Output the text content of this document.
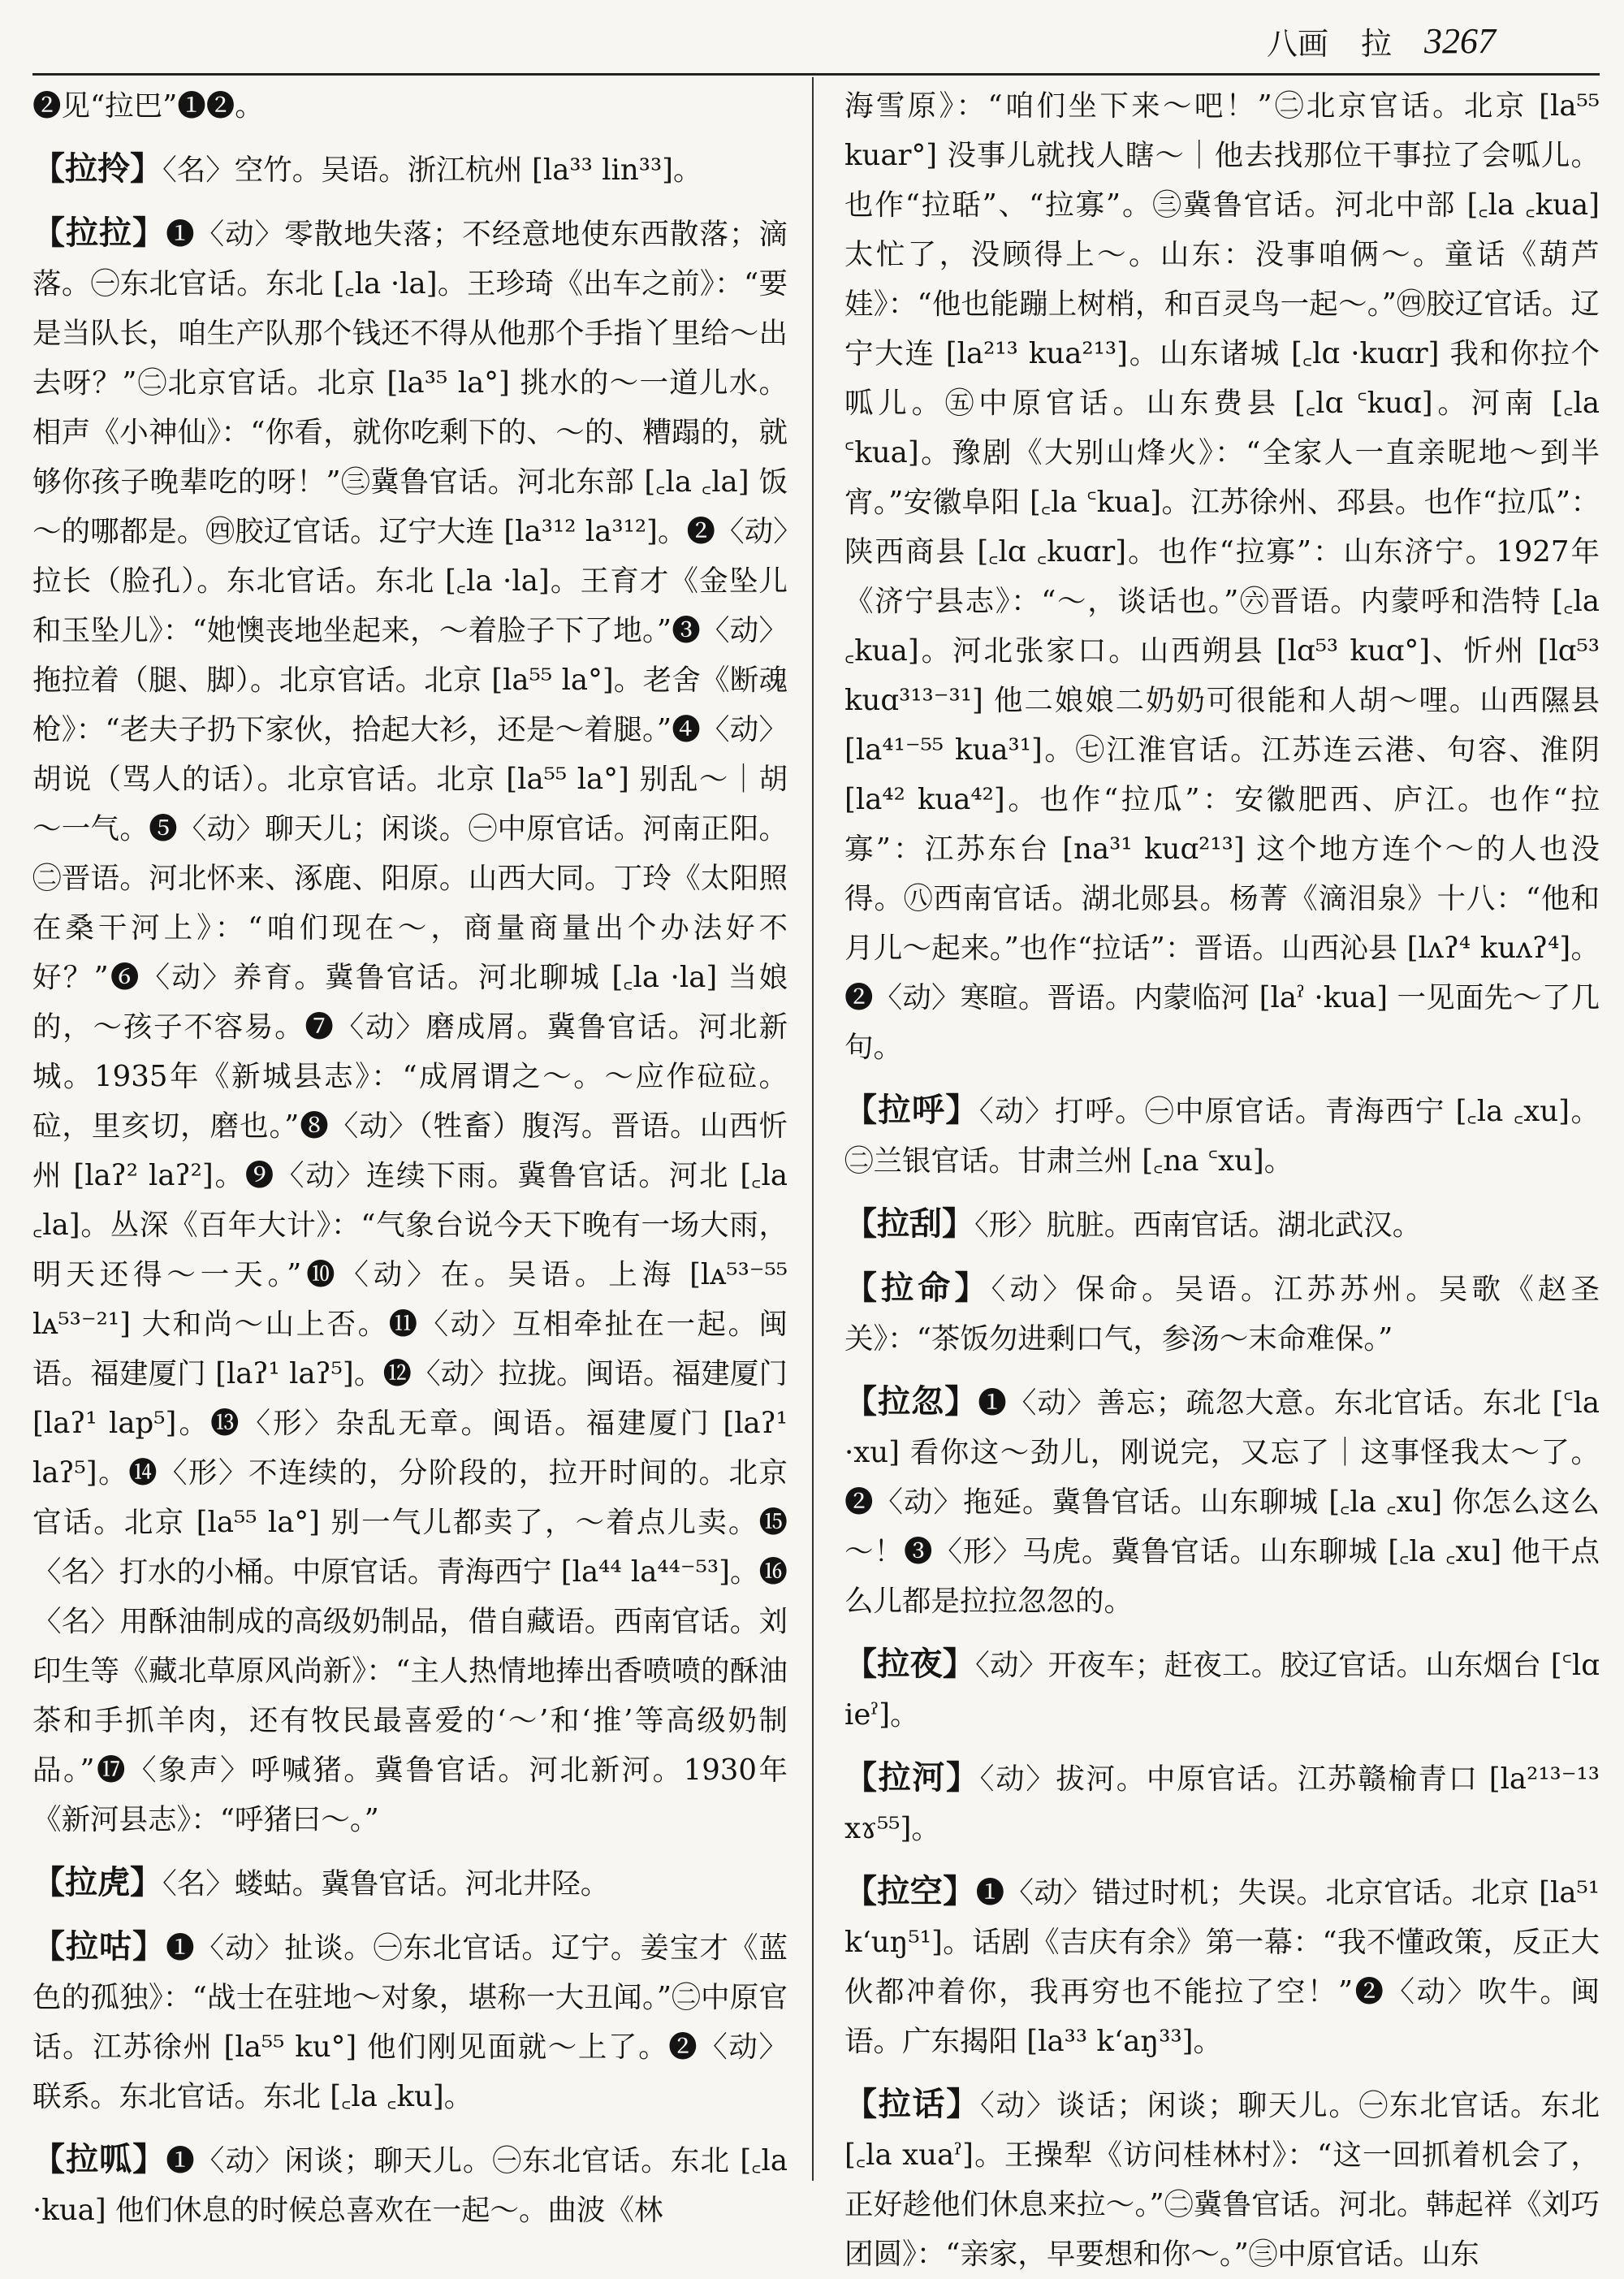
八画 拉 3267

❷见“拉巴”❶❷。

【拉拎】〈名〉空竹。吴语。浙江杭州 [la³³ lin³³]。

【拉拉】❶〈动〉零散地失落；不经意地使东西散落；滴落。㊀东北官话。东北 [꜀la ·la]。王珍琦《出车之前》：“要是当队长，咱生产队那个钱还不得从他那个手指丫里给～出去呀？”㊁北京官话。北京 [la³⁵ la°] 挑水的～一道儿水。相声《小神仙》：“你看，就你吃剩下的、～的、糟蹋的，就够你孩子晚辈吃的呀！”㊂冀鲁官话。河北东部 [꜀la ꜀la] 饭～的哪都是。㊃胶辽官话。辽宁大连 [la³¹² la³¹²]。❷〈动〉拉长（脸孔）。东北官话。东北 [꜀la ·la]。王育才《金坠儿和玉坠儿》：“她懊丧地坐起来，～着脸子下了地。”❸〈动〉拖拉着（腿、脚）。北京官话。北京 [la⁵⁵ la°]。老舍《断魂枪》：“老夫子扔下家伙，拾起大衫，还是～着腿。”❹〈动〉胡说（骂人的话）。北京官话。北京 [la⁵⁵ la°] 别乱～｜胡～一气。❺〈动〉聊天儿；闲谈。㊀中原官话。河南正阳。㊁晋语。河北怀来、涿鹿、阳原。山西大同。丁玲《太阳照在桑干河上》：“咱们现在～，商量商量出个办法好不好？”❻〈动〉养育。冀鲁官话。河北聊城 [꜀la ·la] 当娘的，～孩子不容易。❼〈动〉磨成屑。冀鲁官话。河北新城。1935年《新城县志》：“成屑谓之～。～应作砬砬。砬，里亥切，磨也。”❽〈动〉（牲畜）腹泻。晋语。山西忻州 [laʔ² laʔ²]。❾〈动〉连续下雨。冀鲁官话。河北 [꜀la ꜀la]。丛深《百年大计》：“气象台说今天下晚有一场大雨，明天还得～一天。”❿〈动〉在。吴语。上海 [lᴀ⁵³⁻⁵⁵ lᴀ⁵³⁻²¹] 大和尚～山上否。⓫〈动〉互相牵扯在一起。闽语。福建厦门 [laʔ¹ laʔ⁵]。⓬〈动〉拉拢。闽语。福建厦门 [laʔ¹ lap⁵]。⓭〈形〉杂乱无章。闽语。福建厦门 [laʔ¹ laʔ⁵]。⓮〈形〉不连续的，分阶段的，拉开时间的。北京官话。北京 [la⁵⁵ la°] 别一气儿都卖了，～着点儿卖。⓯〈名〉打水的小桶。中原官话。青海西宁 [la⁴⁴ la⁴⁴⁻⁵³]。⓰〈名〉用酥油制成的高级奶制品，借自藏语。西南官话。刘印生等《藏北草原风尚新》：“主人热情地捧出香喷喷的酥油茶和手抓羊肉，还有牧民最喜爱的‘～’和‘推’等高级奶制品。”⓱〈象声〉呼喊猪。冀鲁官话。河北新河。1930年《新河县志》：“呼猪曰～。”

【拉虎】〈名〉蝼蛄。冀鲁官话。河北井陉。

【拉咕】❶〈动〉扯谈。㊀东北官话。辽宁。姜宝才《蓝色的孤独》：“战士在驻地～对象，堪称一大丑闻。”㊁中原官话。江苏徐州 [la⁵⁵ ku°] 他们刚见面就～上了。❷〈动〉联系。东北官话。东北 [꜀la ꜀ku]。

【拉呱】❶〈动〉闲谈；聊天儿。㊀东北官话。东北 [꜀la ·kua] 他们休息的时候总喜欢在一起～。曲波《林

海雪原》：“咱们坐下来～吧！”㊁北京官话。北京 [la⁵⁵ kuar°] 没事儿就找人瞎～｜他去找那位干事拉了会呱儿。也作“拉聒”、“拉寡”。㊂冀鲁官话。河北中部 [꜀la ꜀kua] 太忙了，没顾得上～。山东：没事咱俩～。童话《葫芦娃》：“他也能蹦上树梢，和百灵鸟一起～。”㊃胶辽官话。辽宁大连 [la²¹³ kua²¹³]。山东诸城 [꜀lɑ ·kuɑr] 我和你拉个呱儿。㊄中原官话。山东费县 [꜀lɑ ꜂kuɑ]。河南 [꜀la ꜂kua]。豫剧《大别山烽火》：“全家人一直亲昵地～到半宵。”安徽阜阳 [꜀la ꜂kua]。江苏徐州、邳县。也作“拉瓜”：陕西商县 [꜀lɑ ꜀kuɑr]。也作“拉寡”：山东济宁。1927年《济宁县志》：“～，谈话也。”㊅晋语。内蒙呼和浩特 [꜀la ꜀kua]。河北张家口。山西朔县 [lɑ⁵³ kuɑ°]、忻州 [lɑ⁵³ kuɑ³¹³⁻³¹] 他二娘娘二奶奶可很能和人胡～哩。山西隰县 [la⁴¹⁻⁵⁵ kua³¹]。㊆江淮官话。江苏连云港、句容、淮阴 [la⁴² kua⁴²]。也作“拉瓜”：安徽肥西、庐江。也作“拉寡”：江苏东台 [na³¹ kuɑ²¹³] 这个地方连个～的人也没得。㊇西南官话。湖北郧县。杨菁《滴泪泉》十八：“他和月儿～起来。”也作“拉话”：晋语。山西沁县 [lʌʔ⁴ kuʌʔ⁴]。❷〈动〉寒暄。晋语。内蒙临河 [laˀ ·kua] 一见面先～了几句。

【拉呼】〈动〉打呼。㊀中原官话。青海西宁 [꜀la ꜀xu]。㊁兰银官话。甘肃兰州 [꜀na ꜂xu]。

【拉刮】〈形〉肮脏。西南官话。湖北武汉。

【拉命】〈动〉保命。吴语。江苏苏州。吴歌《赵圣关》：“茶饭勿进剩口气，参汤～末命难保。”

【拉忽】❶〈动〉善忘；疏忽大意。东北官话。东北 [꜂la ·xu] 看你这～劲儿，刚说完，又忘了｜这事怪我太～了。❷〈动〉拖延。冀鲁官话。山东聊城 [꜀la ꜀xu] 你怎么这么～！❸〈形〉马虎。冀鲁官话。山东聊城 [꜀la ꜀xu] 他干点么儿都是拉拉忽忽的。

【拉夜】〈动〉开夜车；赶夜工。胶辽官话。山东烟台 [꜂lɑ ieˀ]。

【拉河】〈动〉拔河。中原官话。江苏赣榆青口 [la²¹³⁻¹³ xɤ⁵⁵]。

【拉空】❶〈动〉错过时机；失误。北京官话。北京 [la⁵¹ kʻuŋ⁵¹]。话剧《吉庆有余》第一幕：“我不懂政策，反正大伙都冲着你，我再穷也不能拉了空！”❷〈动〉吹牛。闽语。广东揭阳 [la³³ kʻaŋ³³]。

【拉话】〈动〉谈话；闲谈；聊天儿。㊀东北官话。东北 [꜀la xuaˀ]。王操犁《访问桂林村》：“这一回抓着机会了，正好趁他们休息来拉～。”㊁冀鲁官话。河北。韩起祥《刘巧团圆》：“亲家，早要想和你～。”㊂中原官话。山东
